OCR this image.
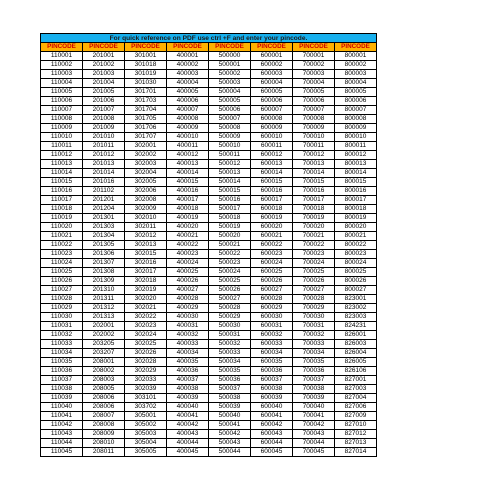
For quick reference on PDF use ctrl +F and enter your pincode.
PINCODE	PINCODE	PINCODE	PINCODE	PINCODE	PINCODE	PINCODE	PINCODE
110001	201001	301001	400001	500000	600001	700001	800001
110002	201002	301018	400002	500001	600002	700002	800002
110003	201003	301019	400003	500002	600003	700003	800003
110004	201004	301030	400004	500003	600004	700004	800004
110005	201005	301701	400005	500004	600005	700005	800005
110006	201006	301703	400006	500005	600006	700006	800006
110007	201007	301704	400007	500006	600007	700007	800007
110008	201008	301705	400008	500007	600008	700008	800008
110009	201009	301706	400009	500008	600009	700009	800009
110010	201010	301707	400010	500009	600010	700010	800010
110011	201011	302001	400011	500010	600011	700011	800011
110012	201012	302002	400012	500011	600012	700012	800012
110013	201013	302003	400013	500012	600013	700013	800013
110014	201014	302004	400014	500013	600014	700014	800014
110015	201016	302005	400015	500014	600015	700015	800015
110016	201102	302006	400016	500015	600016	700016	800016
110017	201201	302008	400017	500016	600017	700017	800017
110018	201204	302009	400018	500017	600018	700018	800018
110019	201301	302010	400019	500018	600019	700019	800019
110020	201303	302011	400020	500019	600020	700020	800020
110021	201304	302012	400021	500020	600021	700021	800021
110022	201305	302013	400022	500021	600022	700022	800022
110023	201306	302015	400023	500022	600023	700023	800023
110024	201307	302016	400024	500023	600024	700024	800024
110025	201308	302017	400025	500024	600025	700025	800025
110026	201309	302018	400026	500025	600026	700026	800026
110027	201310	302019	400027	500026	600027	700027	800027
110028	201311	302020	400028	500027	600028	700028	823001
110029	201312	302021	400029	500028	600029	700029	823002
110030	201313	302022	400030	500029	600030	700030	823003
110031	202001	302023	400031	500030	600031	700031	824231
110032	202002	302024	400032	500031	600032	700032	826001
110033	203205	302025	400033	500032	600033	700033	826003
110034	203207	302026	400034	500033	600034	700034	826004
110035	208001	302028	400035	500034	600035	700035	826005
110036	208002	302029	400036	500035	600036	700036	826106
110037	208003	302033	400037	500036	600037	700037	827001
110038	208005	302039	400038	500037	600038	700038	827003
110039	208006	303101	400039	500038	600039	700039	827004
110040	208006	303702	400040	500039	600040	700040	827006
110041	208007	305001	400041	500040	600041	700041	827009
110042	208008	305002	400042	500041	600042	700042	827010
110043	208009	305003	400043	500042	600043	700043	827012
110044	208010	305004	400044	500043	600044	700044	827013
110045	208011	305005	400045	500044	600045	700045	827014
